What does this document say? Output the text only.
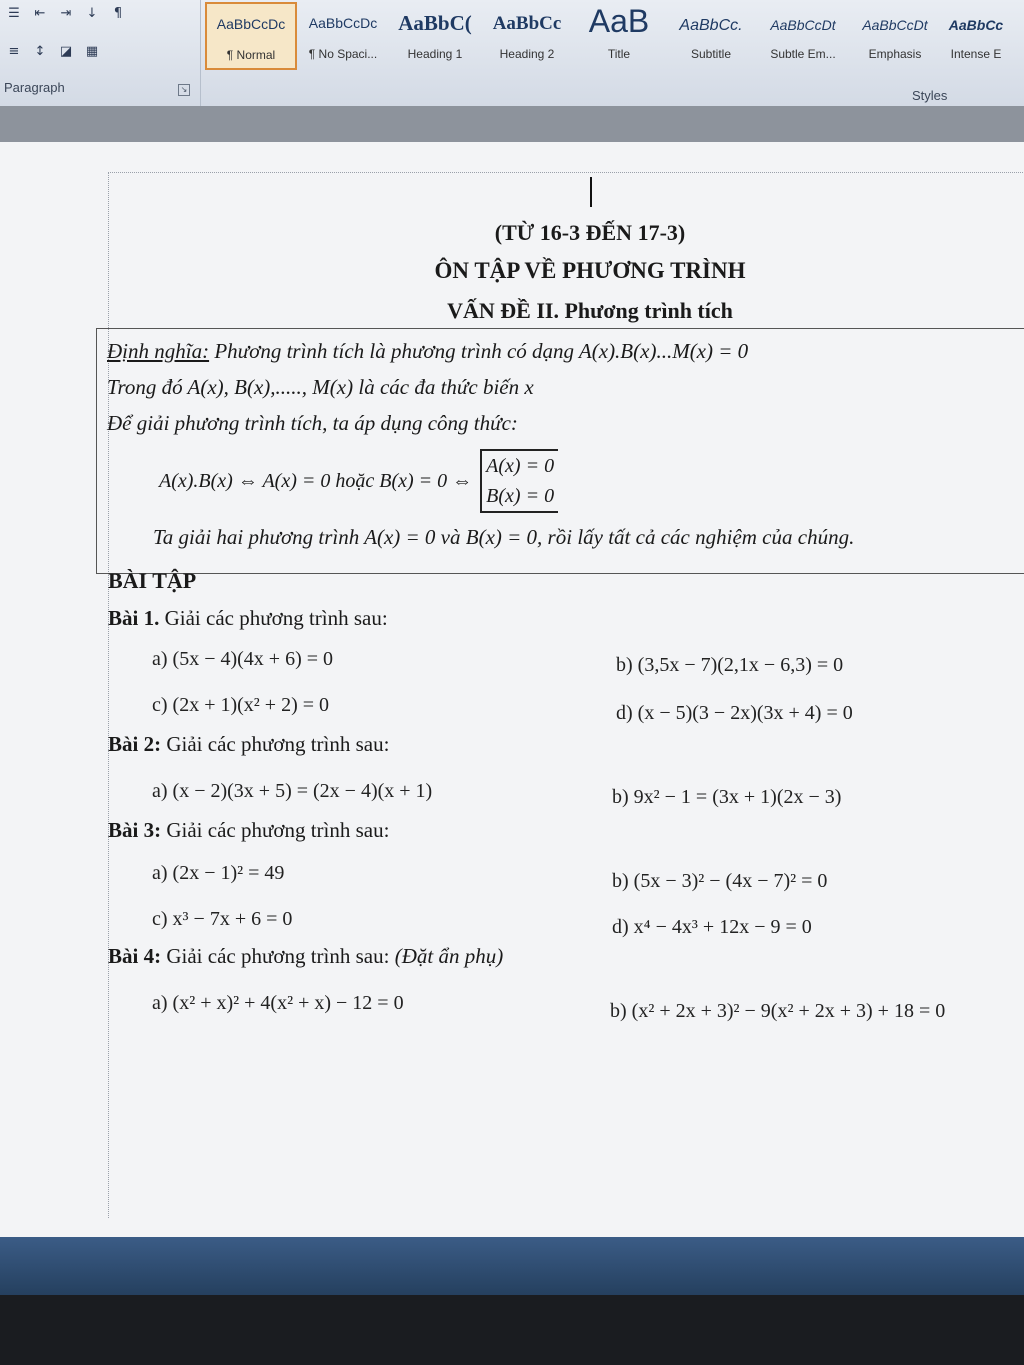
☰	⇤	⇥	↓	¶
≡	↕	◪ ▦
Paragraph	↘
AaBbCcDc
¶ Normal
AaBbCcDc
¶ No Spaci...
AaBbC(
Heading 1
AaBbCc
Heading 2
AaB
Title
AaBbCc.
Subtitle
AaBbCcDt
Subtle Em...
AaBbCcDt
Emphasis
AaBbCc
Intense E
Styles
(TỪ 16-3 ĐẾN 17-3)
ÔN TẬP VỀ PHƯƠNG TRÌNH
VẤN ĐỀ II. Phương trình tích
Định nghĩa: Phương trình tích là phương trình có dạng A(x).B(x)...M(x) = 0
Trong đó A(x), B(x),....., M(x) là các đa thức biến x
Để giải phương trình tích, ta áp dụng công thức:
A(x).B(x) ⇔ A(x) = 0 hoặc B(x) = 0 ⇔
A(x) = 0
B(x) = 0
Ta giải hai phương trình A(x) = 0 và B(x) = 0, rồi lấy tất cả các nghiệm của chúng.
BÀI TẬP
Bài 1. Giải các phương trình sau:
a) (5x − 4)(4x + 6) = 0	b) (3,5x − 7)(2,1x − 6,3) = 0
c) (2x + 1)(x² + 2) = 0	d) (x − 5)(3 − 2x)(3x + 4) = 0
Bài 2: Giải các phương trình sau:
a) (x − 2)(3x + 5) = (2x − 4)(x + 1)	b) 9x² − 1 = (3x + 1)(2x − 3)
Bài 3: Giải các phương trình sau:
a) (2x − 1)² = 49	b) (5x − 3)² − (4x − 7)² = 0
c) x³ − 7x + 6 = 0	d) x⁴ − 4x³ + 12x − 9 = 0
Bài 4: Giải các phương trình sau: (Đặt ẩn phụ)
a) (x² + x)² + 4(x² + x) − 12 = 0	b) (x² + 2x + 3)² − 9(x² + 2x + 3) + 18 = 0
